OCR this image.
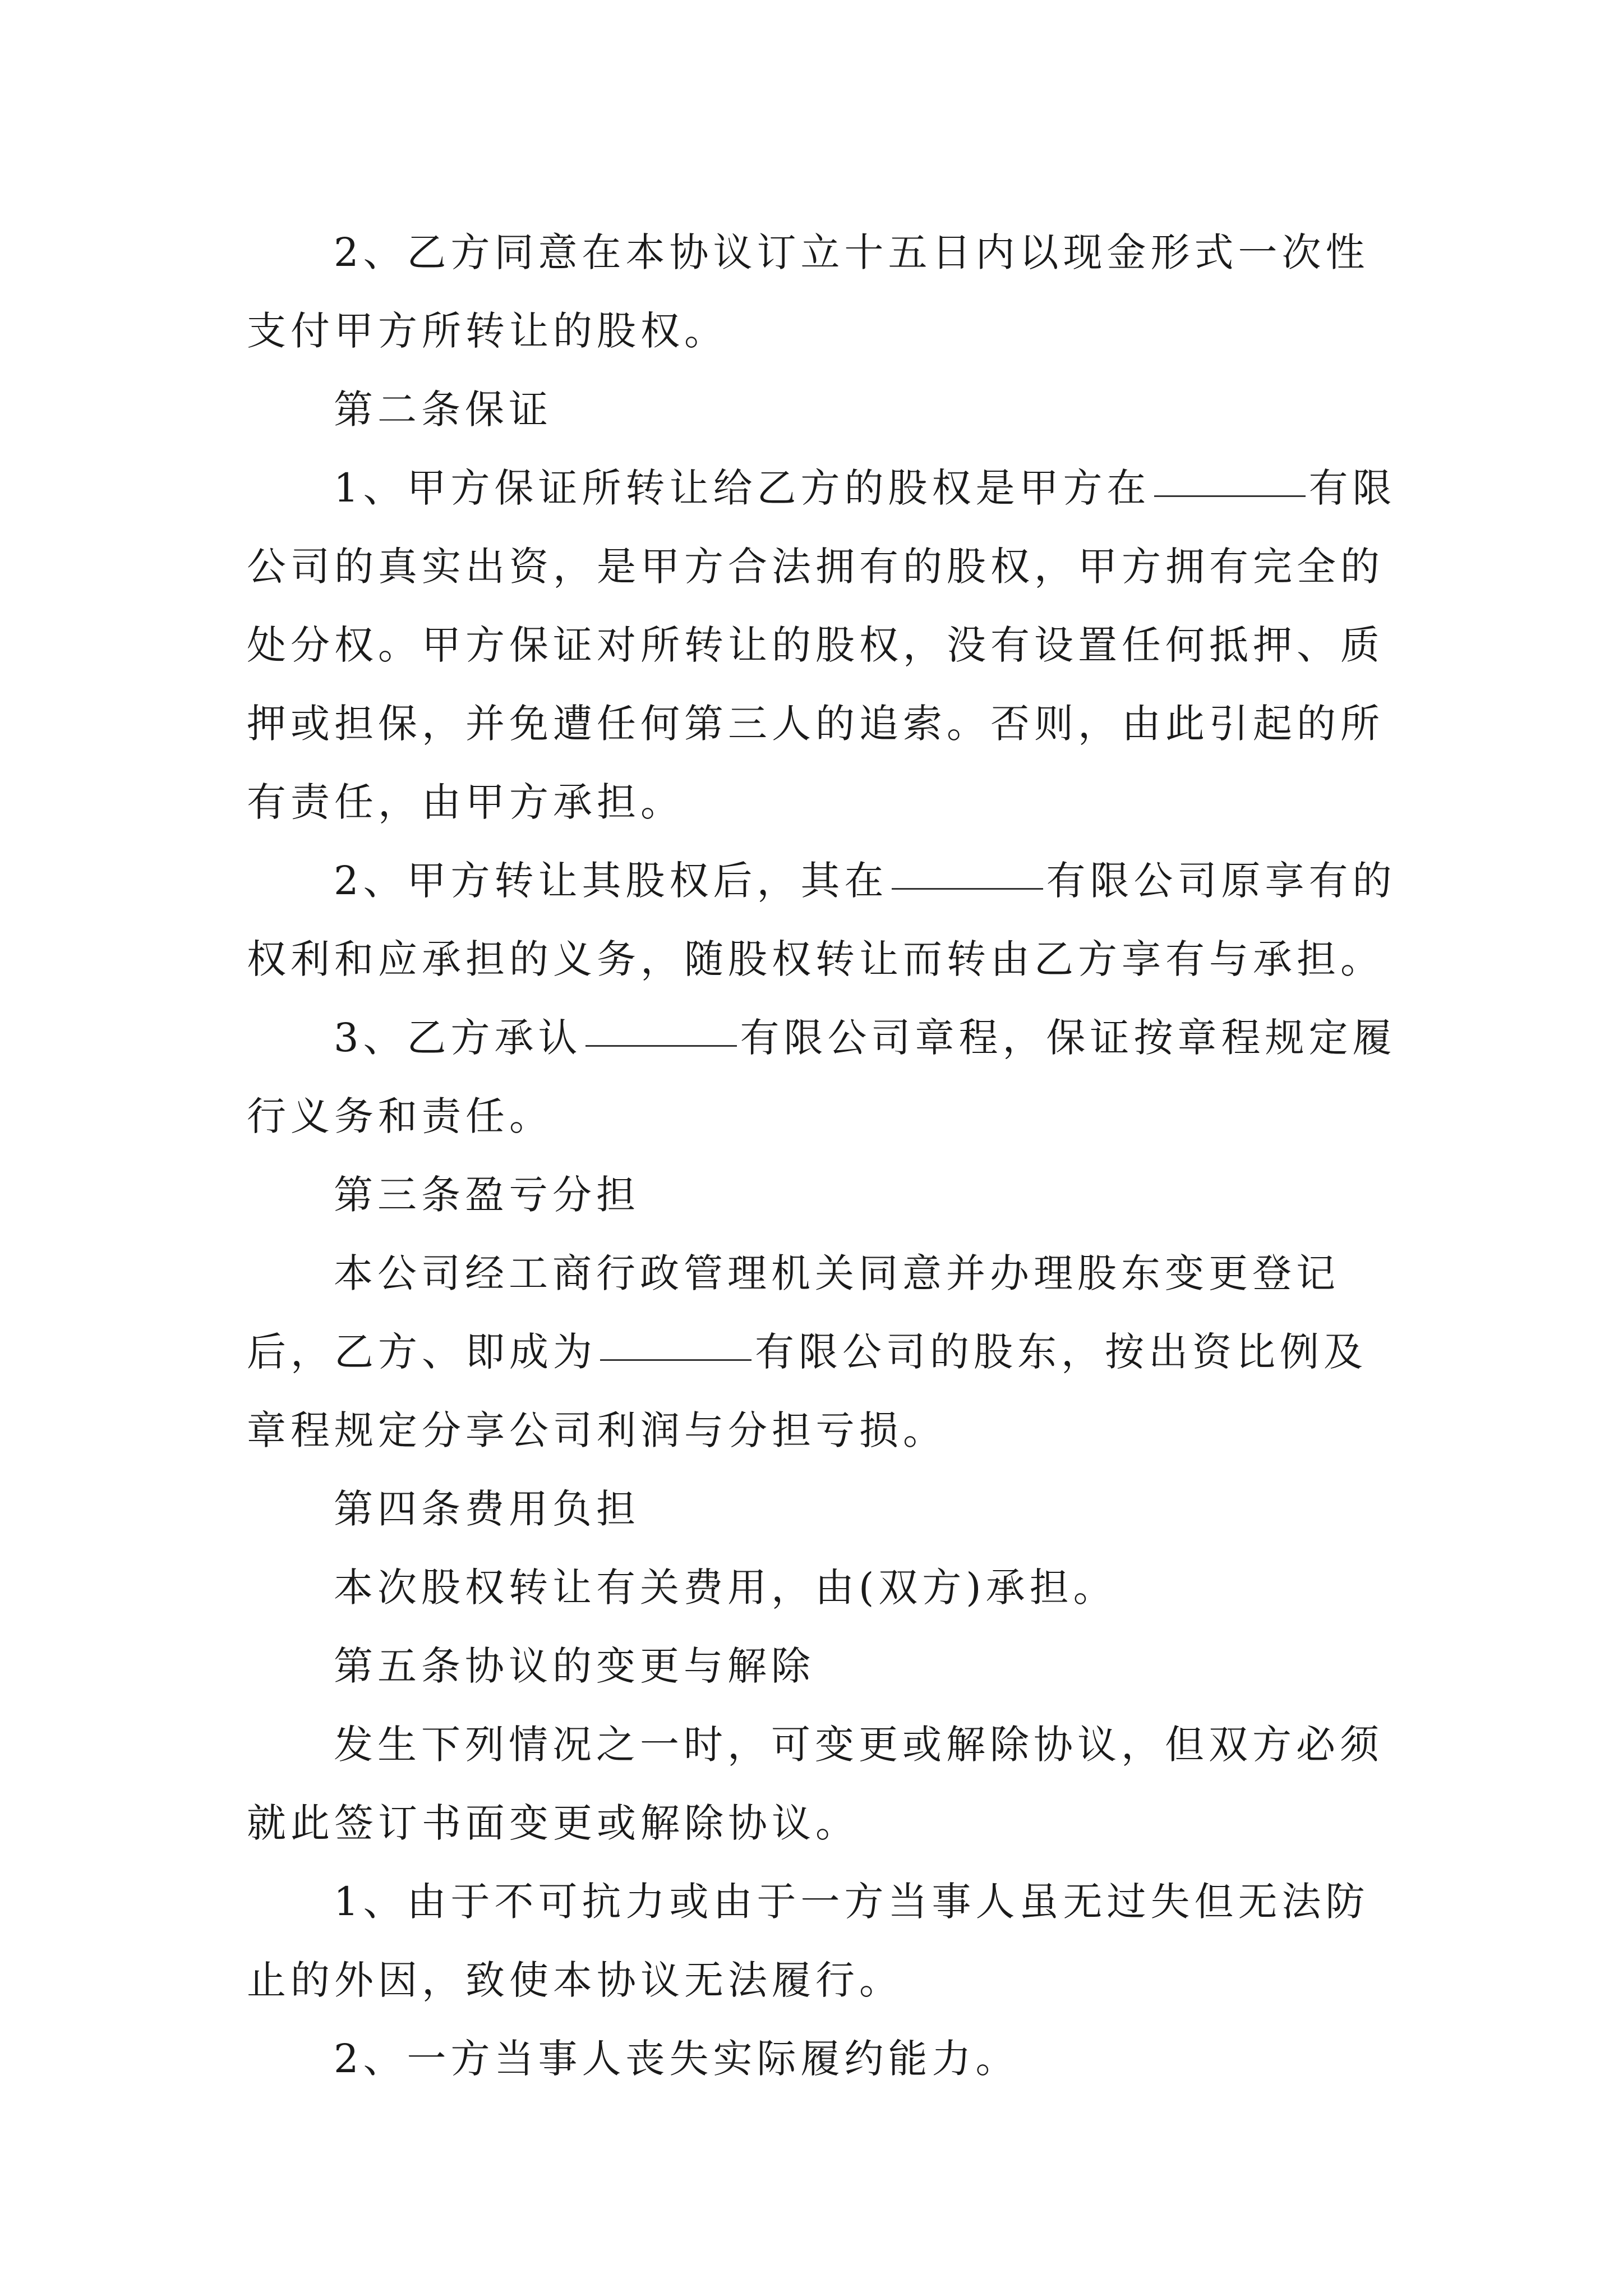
2、乙方同意在本协议订立十五日内以现金形式一次性
支付甲方所转让的股权。
第二条保证
1、甲方保证所转让给乙方的股权是甲方在	有限
公司的真实出资，是甲方合法拥有的股权，甲方拥有完全的
处分权。甲方保证对所转让的股权，没有设置任何抵押、质
押或担保，并免遭任何第三人的追索。否则，由此引起的所
有责任，由甲方承担。
2、甲方转让其股权后，其在	有限公司原享有的
权利和应承担的义务，随股权转让而转由乙方享有与承担。
3、乙方承认	有限公司章程，保证按章程规定履
行义务和责任。
第三条盈亏分担
本公司经工商行政管理机关同意并办理股东变更登记
后，乙方、即成为	有限公司的股东，按出资比例及
章程规定分享公司利润与分担亏损。
第四条费用负担
本次股权转让有关费用，由(双方)承担。
第五条协议的变更与解除
发生下列情况之一时，可变更或解除协议，但双方必须
就此签订书面变更或解除协议。
1、由于不可抗力或由于一方当事人虽无过失但无法防
止的外因，致使本协议无法履行。
2、一方当事人丧失实际履约能力。
